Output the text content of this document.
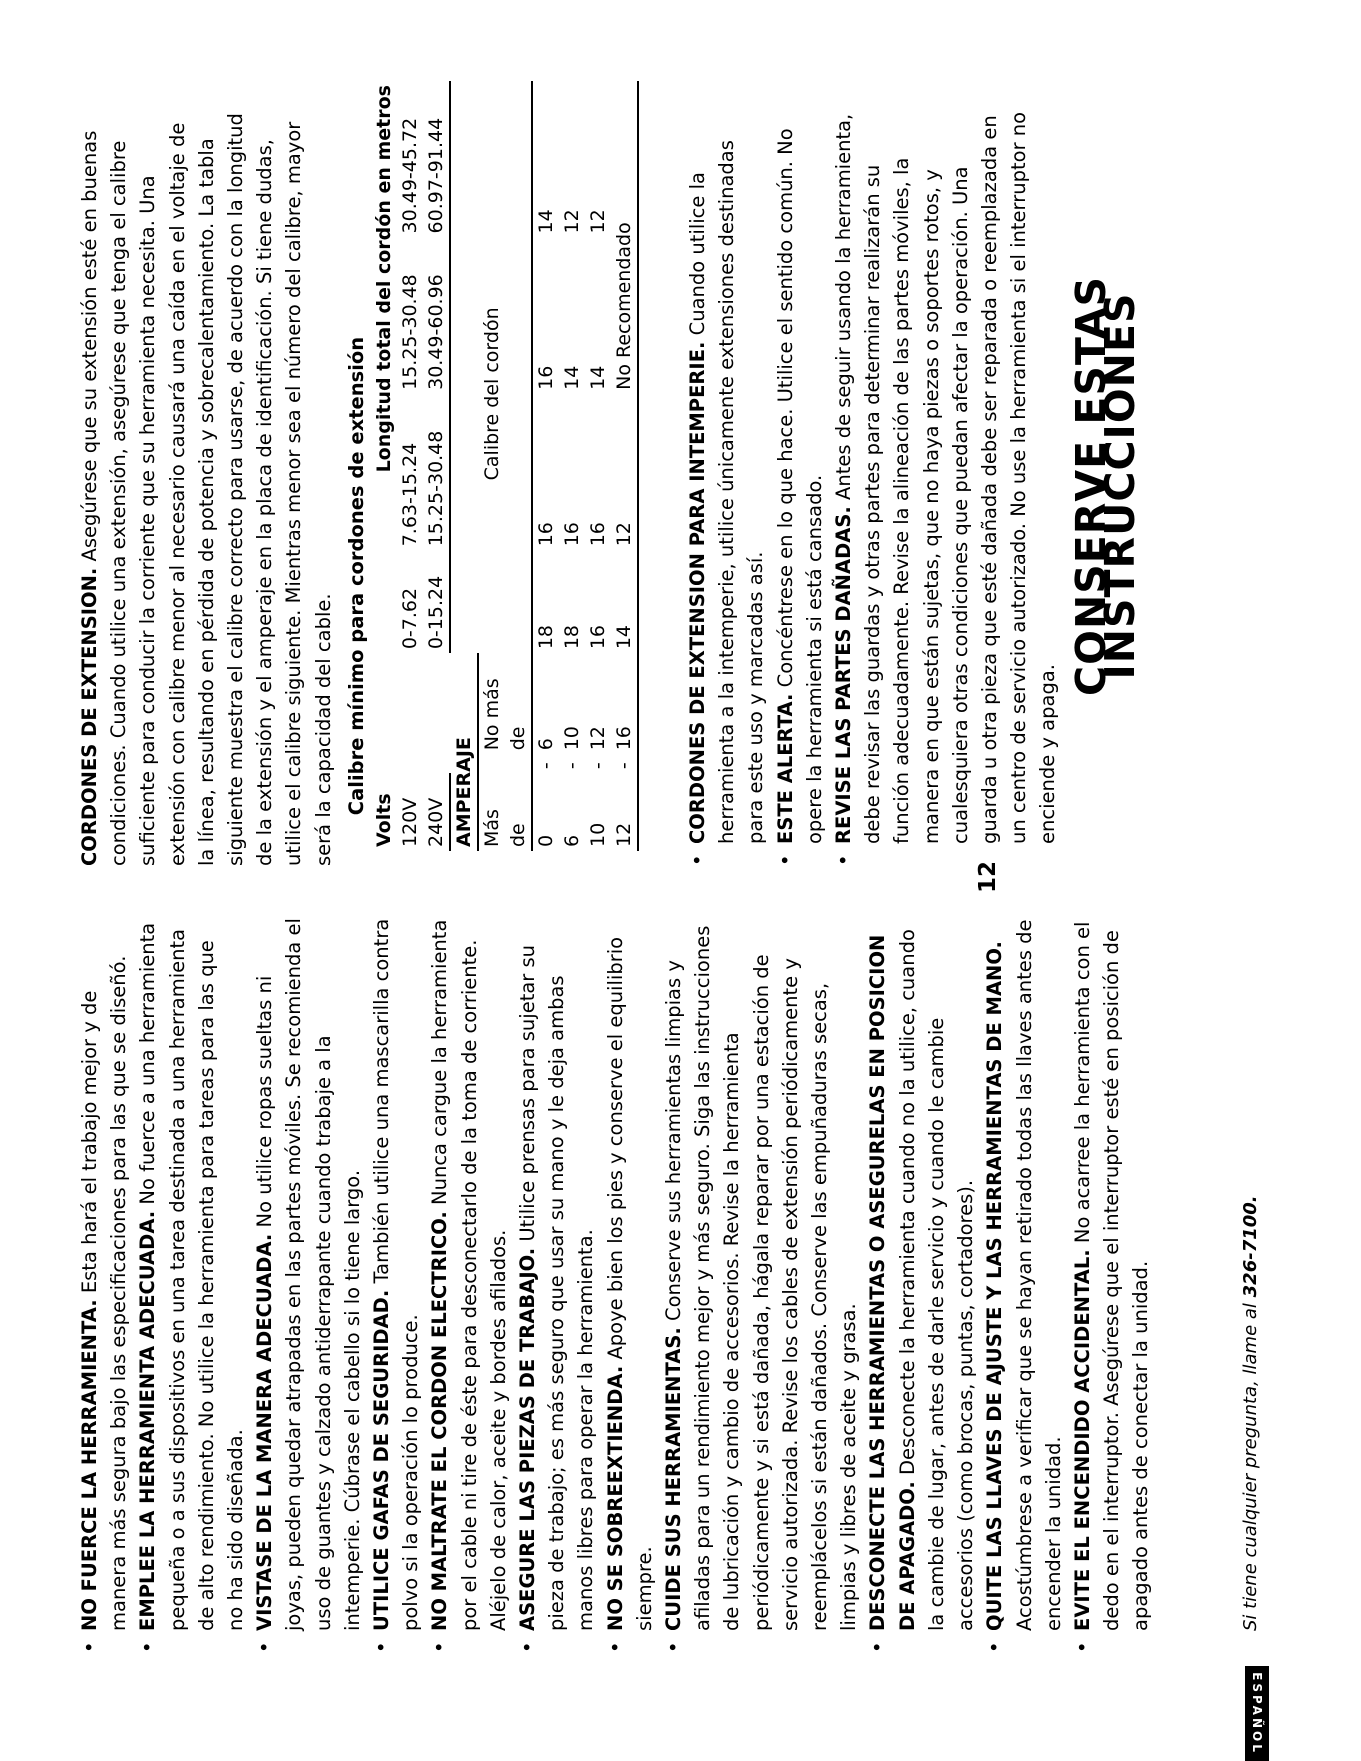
ESPAÑOL
•
NO FUERCE LA HERRAMIENTA. Esta hará el trabajo mejor y de manera más segura bajo las especificaciones para las que se diseñó.
•
EMPLEE LA HERRAMIENTA ADECUADA. No fuerce a una herramienta pequeña o a sus dispositivos en una tarea destinada a una herramienta de alto rendimiento. No utilice la herramienta para tareas para las que no ha sido diseñada.
•
VISTASE DE LA MANERA ADECUADA. No utilice ropas sueltas ni joyas, pueden quedar atrapadas en las partes móviles. Se recomienda el uso de guantes y calzado antiderrapante cuando trabaje a la intemperie. Cúbrase el cabello si lo tiene largo.
•
UTILICE GAFAS DE SEGURIDAD. También utilice una mascarilla contra polvo si la operación lo produce.
•
NO MALTRATE EL CORDON ELECTRICO. Nunca cargue la herramienta por el cable ni tire de éste para desconectarlo de la toma de corriente. Aléjelo de calor, aceite y bordes afilados.
•
ASEGURE LAS PIEZAS DE TRABAJO. Utilice prensas para sujetar su pieza de trabajo; es más seguro que usar su mano y le deja ambas manos libres para operar la herramienta.
•
NO SE SOBREEXTIENDA. Apoye bien los pies y conserve el equilibrio siempre.
•
CUIDE SUS HERRAMIENTAS. Conserve sus herramientas limpias y afiladas para un rendimiento mejor y más seguro. Siga las instrucciones de lubricación y cambio de accesorios. Revise la herramienta periódicamente y si está dañada, hágala reparar por una estación de servicio autorizada. Revise los cables de extensión periódicamente y reemplácelos si están dañados. Conserve las empuñaduras secas, limpias y libres de aceite y grasa.
•
DESCONECTE LAS HERRAMIENTAS O ASEGURELAS EN POSICION DE APAGADO. Desconecte la herramienta cuando no la utilice, cuando la cambie de lugar, antes de darle servicio y cuando le cambie accesorios (como brocas, puntas, cortadores).
•
QUITE LAS LLAVES DE AJUSTE Y LAS HERRAMIENTAS DE MANO. Acostúmbrese a verificar que se hayan retirado todas las llaves antes de encender la unidad.
•
EVITE EL ENCENDIDO ACCIDENTAL. No acarree la herramienta con el dedo en el interruptor. Asegúrese que el interruptor esté en posición de apagado antes de conectar la unidad.
12
Si tiene cualquier pregunta, llame al 326-7100.

CORDONES DE EXTENSION. Asegúrese que su extensión esté en buenas condiciones. Cuando utilice una extensión, asegúrese que tenga el calibre suficiente para conducir la corriente que su herramienta necesita. Una extensión con calibre menor al necesario causará una caída en el voltaje de la línea, resultando en pérdida de potencia y sobrecalentamiento. La tabla siguiente muestra el calibre correcto para usarse, de acuerdo con la longitud de la extensión y el amperaje en la placa de identificación. Si tiene dudas, utilice el calibre siguiente. Mientras menor sea el número del calibre, mayor será la capacidad del cable. Calibre mínimo para cordones de extensión
Volts			Longitud total del cordón en metros			
120V			0-7.62	7.63-15.24	15.25-30.48	30.49-45.72
240V			0-15.24	15.25-30.48	30.49-60.96	60.97-91.44
AMPERAJE						
Más		No más		Calibre del cordón		
de		de				
0	-	6	18	16	16	14
6	-	10	18	16	14	12
10	-	12	16	16	14	12
12	-	16	14	12	No Recomendado	
•
CORDONES DE EXTENSION PARA INTEMPERIE. Cuando utilice la herramienta a la intemperie, utilice únicamente extensiones destinadas para este uso y marcadas así.
•
ESTE ALERTA. Concéntrese en lo que hace. Utilice el sentido común. No opere la herramienta si está cansado.
•
REVISE LAS PARTES DAÑADAS. Antes de seguir usando la herramienta, debe revisar las guardas y otras partes para determinar realizarán su función adecuadamente. Revise la alineación de las partes móviles, la manera en que están sujetas, que no haya piezas o soportes rotos, y cualesquiera otras condiciones que puedan afectar la operación. Una guarda u otra pieza que esté dañada debe ser reparada o reemplazada en un centro de servicio autorizado. No use la herramienta si el interruptor no enciende y apaga.
CONSERVE ESTAS INSTRUCCIONES
